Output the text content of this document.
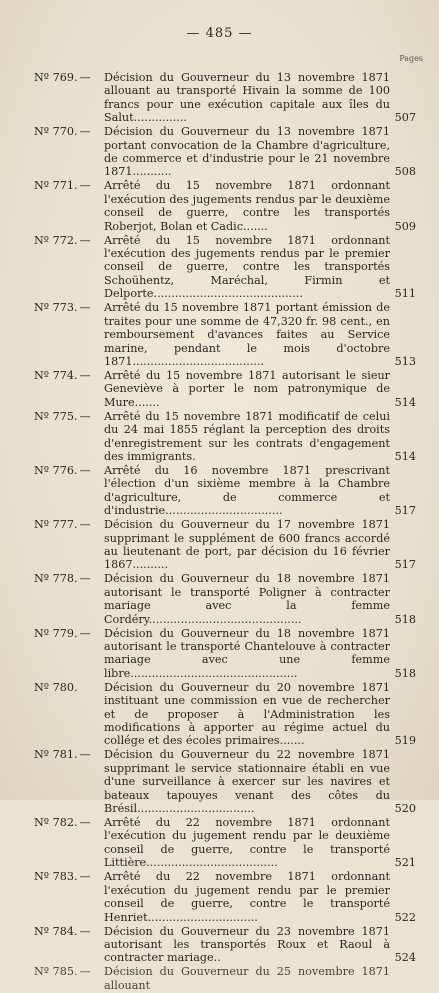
— 485 —
Pages
Nº 769. —	Décision du Gouverneur du 13 novembre 1871 allouant au transporté Hivain la somme de 100 francs pour une exécution capitale aux îles du Salut...............	507
Nº 770. —	Décision du Gouverneur du 13 novembre 1871 portant convocation de la Chambre d'agriculture, de commerce et d'industrie pour le 21 novembre 1871...........	508
Nº 771. —	Arrêté du 15 novembre 1871 ordonnant l'exécution des jugements rendus par le deuxième conseil de guerre, contre les transportés Roberjot, Bolan et Cadic.......	509
Nº 772. —	Arrêté du 15 novembre 1871 ordonnant l'exécution des jugements rendus par le premier conseil de guerre, contre les transportés Schoühentz, Maréchal, Firmin et Delporte..........................................	511
Nº 773. —	Arrêté du 15 novembre 1871 portant émission de traites pour une somme de 47,320 fr. 98 cent., en remboursement d'avances faites au Service marine, pendant le mois d'octobre 1871.....................................	513
Nº 774. —	Arrêté du 15 novembre 1871 autorisant le sieur Geneviève à porter le nom patronymique de Mure.......	514
Nº 775. —	Arrêté du 15 novembre 1871 modificatif de celui du 24 mai 1855 réglant la perception des droits d'enregistrement sur les contrats d'engagement des immigrants.	514
Nº 776. —	Arrêté du 16 novembre 1871 prescrivant l'élection d'un sixième membre à la Chambre d'agriculture, de commerce et d'industrie.................................	517
Nº 777. —	Décision du Gouverneur du 17 novembre 1871 supprimant le supplément de 600 francs accordé au lieutenant de port, par décision du 16 février 1867..........	517
Nº 778. —	Décision du Gouverneur du 18 novembre 1871 autorisant le transporté Poligner à contracter mariage avec la femme Cordéry...........................................	518
Nº 779. —	Décision du Gouverneur du 18 novembre 1871 autorisant le transporté Chantelouve à contracter mariage avec une femme libre...............................................	518
Nº 780.	Décision du Gouverneur du 20 novembre 1871 instituant une commission en vue de rechercher et de proposer à l'Administration les modifications à apporter au régime actuel du collége et des écoles primaires.......	519
Nº 781. —	Décision du Gouverneur du 22 novembre 1871 supprimant le service stationnaire établi en vue d'une surveillance à exercer sur les navires et bateaux tapouyes venant des côtes du Brésil.................................	520
Nº 782. —	Arrêté du 22 novembre 1871 ordonnant l'exécution du jugement rendu par le deuxième conseil de guerre, contre le transporté Littière.....................................	521
Nº 783. —	Arrêté du 22 novembre 1871 ordonnant l'exécution du jugement rendu par le premier conseil de guerre, contre le transporté Henriet...............................	522
Nº 784. —	Décision du Gouverneur du 23 novembre 1871 autorisant les transportés Roux et Raoul à contracter mariage..	524
Nº 785. —	Décision du Gouverneur du 25 novembre 1871 allouant
